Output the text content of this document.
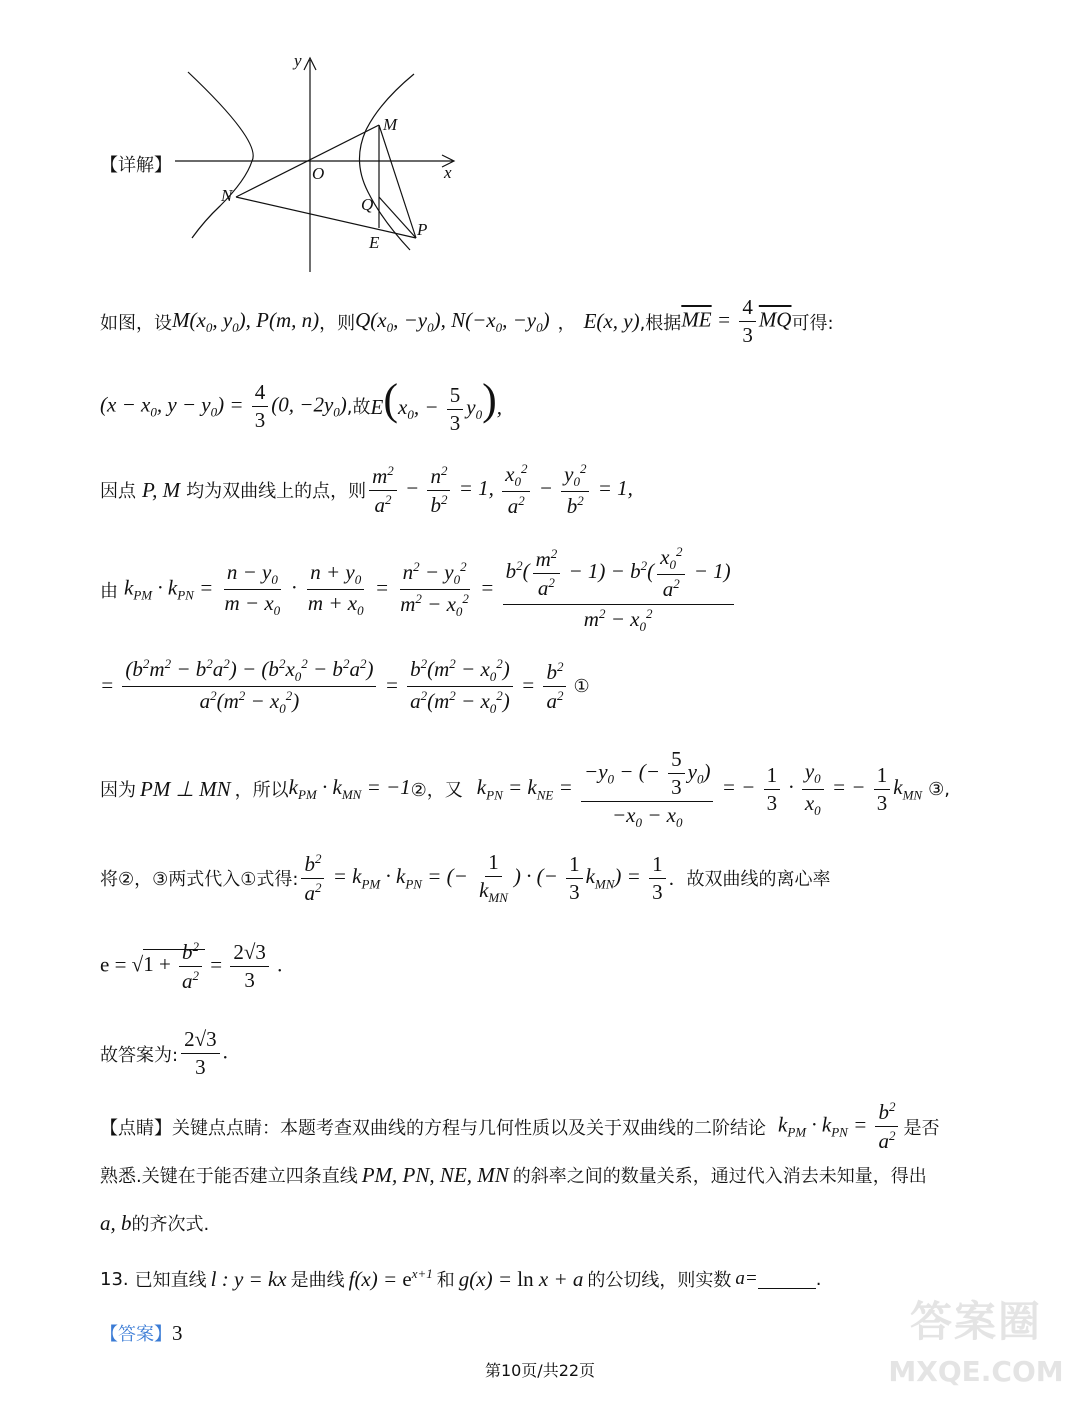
y
x
O
M
N	Q
E
P
【详解】
如图，设 $M(x_0$, $y_0$), P(m, n) ，则 $Q(x_0$, $-y_0$), $N(-x_0$, $-y_0$) ， E(x, y) ,根据 $\overline{ME} = \frac{4}{3} \overline{MQ}$ 可得:
($x - x_0$, $y - y_0) = \frac{4}{3} (0$, $-2y_0$) ,故 $E(x_0$, − $\frac{5}{3} y_0$),
因点 P, M 均为双曲线上的点，则 $\frac{m^2}{a^2} - \frac{n^2}{b^2} = 1$, $\frac{x_0^2}{a^2} - \frac{y_0^2}{b^2} = 1$,
由 $k_{PM} \cdot k_{PN} = \frac{n - y_0}{m - x_0} \cdot \frac{n + y_0}{m + x_0} = \frac{n^2 - y_0^2}{m^2 - x_0^2} = \frac{b^2( \frac{m^2}{a^2} - 1) - b^2( \frac{x_0^2}{a^2} - 1)}{m^2 - x_0^2}$
= $\frac{(b^2m^2 - b^2a^2) - (b^2x_0^2 - b^2a^2)}{a^2(m^2 - x_0^2)} = \frac{b^2(m^2 - x_0^2)}{a^2(m^2 - x_0^2)} = \frac{b^2}{a^2}$ ①
因为 PM ⊥ MN ，所以 $k_{PM} \cdot k_{MN} = -1$ ②，又 $k_{PN} = k_{NE} = \frac{-y_0 - (- \frac{5}{3} y_0)}{-x_0 - x_0}$ = − $\frac{1}{3} \cdot \frac{y_0}{x_0}$ = − $\frac{1}{3} k_{MN}$ ③,
将②，③两式代入①式得: $\frac{b^2}{a^2} = k_{PM} \cdot k_{PN}$ = (− $\frac{1}{k_{MN}}$ ) · (− $\frac{1}{3} k_{MN}) = \frac{1}{3}$ ．故双曲线的离心率
$e = √1 + \frac{b^2}{a^2} = \frac{2√3}{3}$ .
故答案为: $\frac{2√3}{3}$ .
【点睛】 关键点点睛：本题考查双曲线的方程与几何性质以及关于双曲线的二阶结论 $k_{PM} \cdot k_{PN} = \frac{b^2}{a^2}$ 是否
熟悉.关键在于能否建立四条直线 PM, PN, NE, MN 的斜率之间的数量关系，通过代入消去未知量，得出
a, b 的齐次式.
13. 已知直线 l : y = kx 是曲线 $f(x) = e^{x+1}$ 和 g(x) = ln x + a 的公切线，则实数 a=	.
【答案】 3
第10页/共22页
答案圈
MXQE.COM
